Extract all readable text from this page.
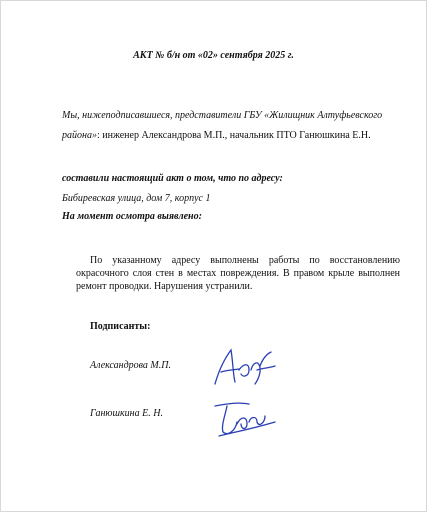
АКТ № б/н от «02» сентября 2025 г.
Мы, нижеподписавшиеся, представители ГБУ «Жилищник Алтуфьевского
района»: инженер Александрова М.П., начальник ПТО Ганюшкина Е.Н.
составили настоящий акт о том, что по адресу:
Бибиревская улица, дом 7, корпус 1
На момент осмотра выявлено:
По указанному адресу выполнены работы по восстановлению
окрасочного слоя стен в местах повреждения. В правом крыле выполнен
ремонт проводки. Нарушения устранили.
Подписанты:
Александрова М.П.
Ганюшкина Е. Н.
